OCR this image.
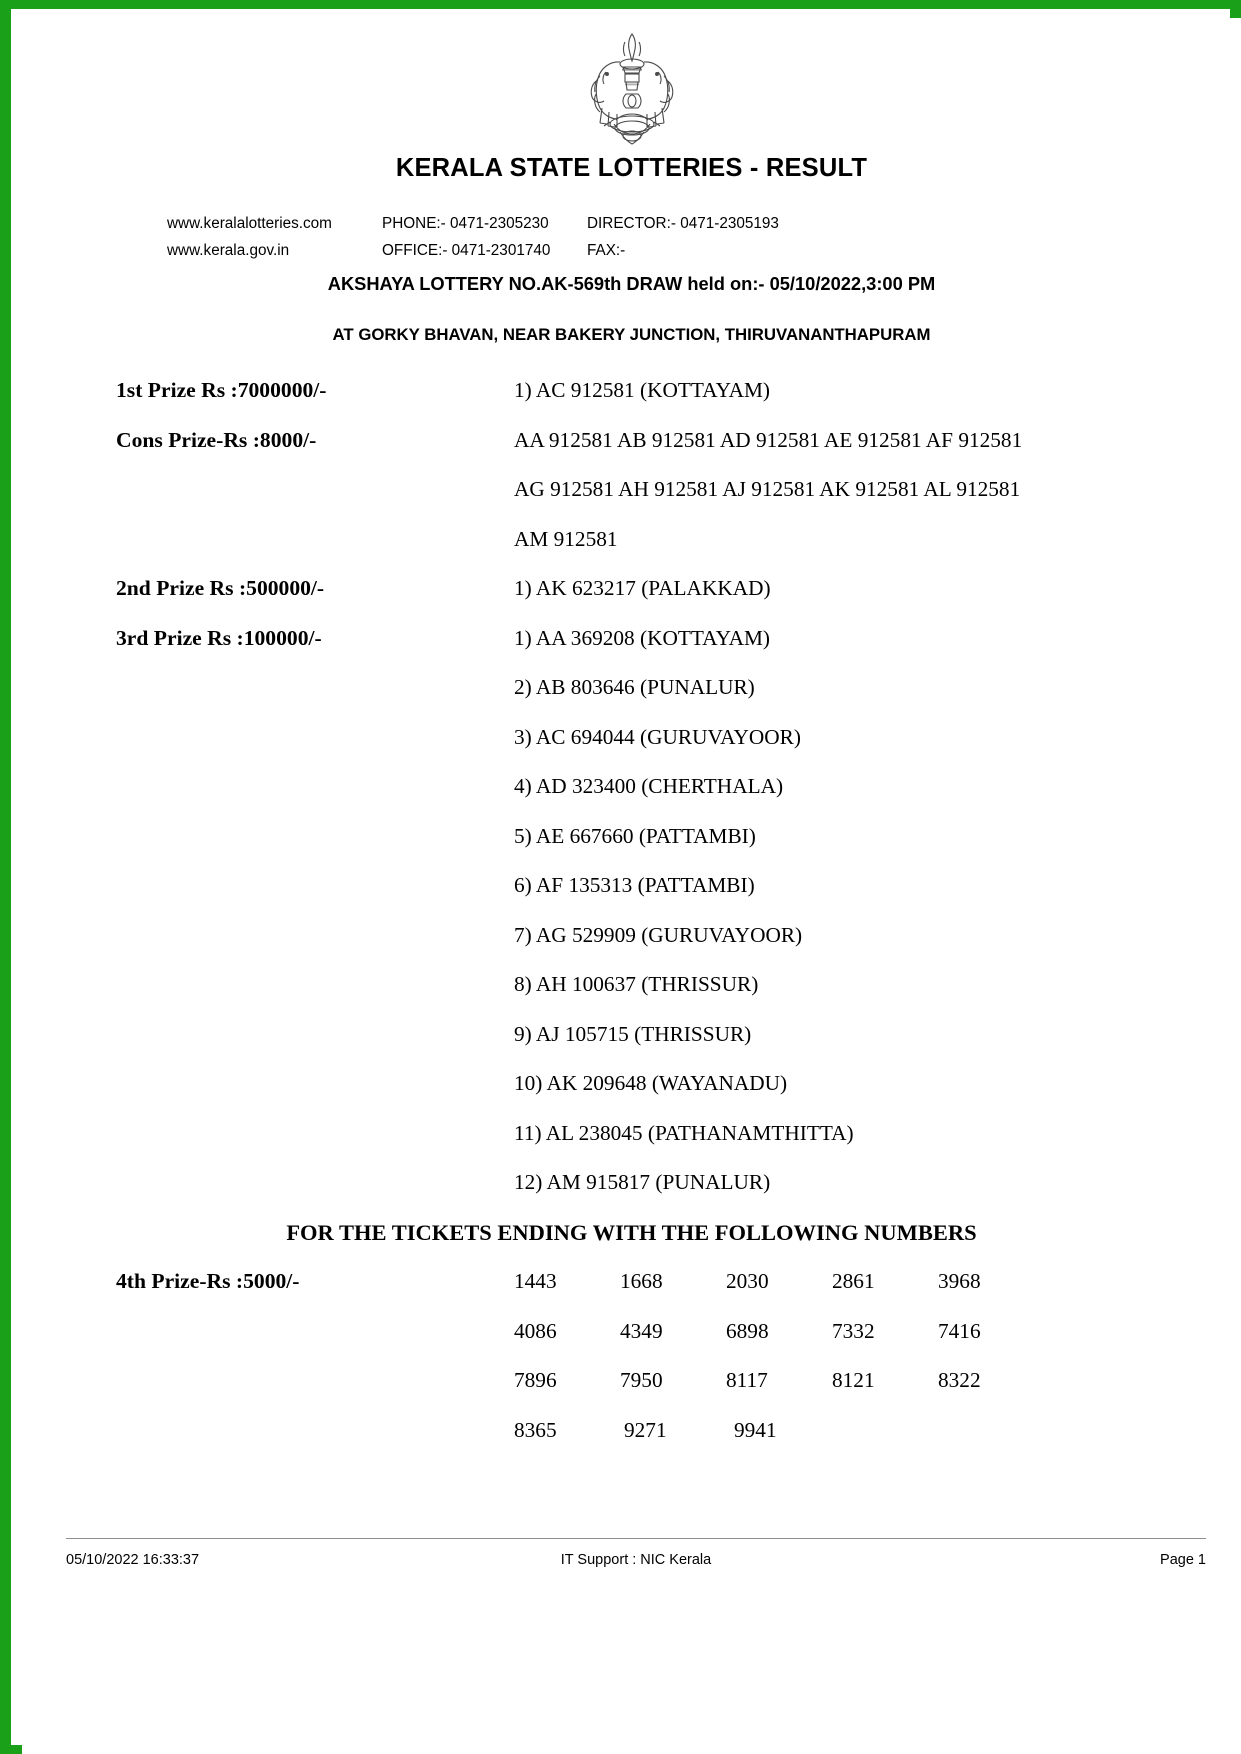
KERALA STATE LOTTERIES - RESULT
www.keralalotteries.com	PHONE:- 0471-2305230	DIRECTOR:- 0471-2305193
www.kerala.gov.in	OFFICE:- 0471-2301740	FAX:-
AKSHAYA LOTTERY NO.AK-569th DRAW held on:- 05/10/2022,3:00 PM
AT GORKY BHAVAN, NEAR BAKERY JUNCTION, THIRUVANANTHAPURAM
1st Prize Rs :7000000/-	1) AC 912581 (KOTTAYAM)
Cons Prize-Rs :8000/-	AA 912581 AB 912581 AD 912581 AE 912581 AF 912581
AG 912581 AH 912581 AJ 912581 AK 912581 AL 912581
AM 912581
2nd Prize Rs :500000/-	1) AK 623217 (PALAKKAD)
3rd Prize Rs :100000/-	1) AA 369208 (KOTTAYAM)
2) AB 803646 (PUNALUR)
3) AC 694044 (GURUVAYOOR)
4) AD 323400 (CHERTHALA)
5) AE 667660 (PATTAMBI)
6) AF 135313 (PATTAMBI)
7) AG 529909 (GURUVAYOOR)
8) AH 100637 (THRISSUR)
9) AJ 105715 (THRISSUR)
10) AK 209648 (WAYANADU)
11) AL 238045 (PATHANAMTHITTA)
12) AM 915817 (PUNALUR)
FOR THE TICKETS ENDING WITH THE FOLLOWING NUMBERS
4th Prize-Rs :5000/-	1443	1668	2030	2861	3968
4086	4349	6898	7332	7416
7896	7950	8117	8121	8322
8365	9271	9941
05/10/2022 16:33:37	IT Support : NIC Kerala	Page 1
